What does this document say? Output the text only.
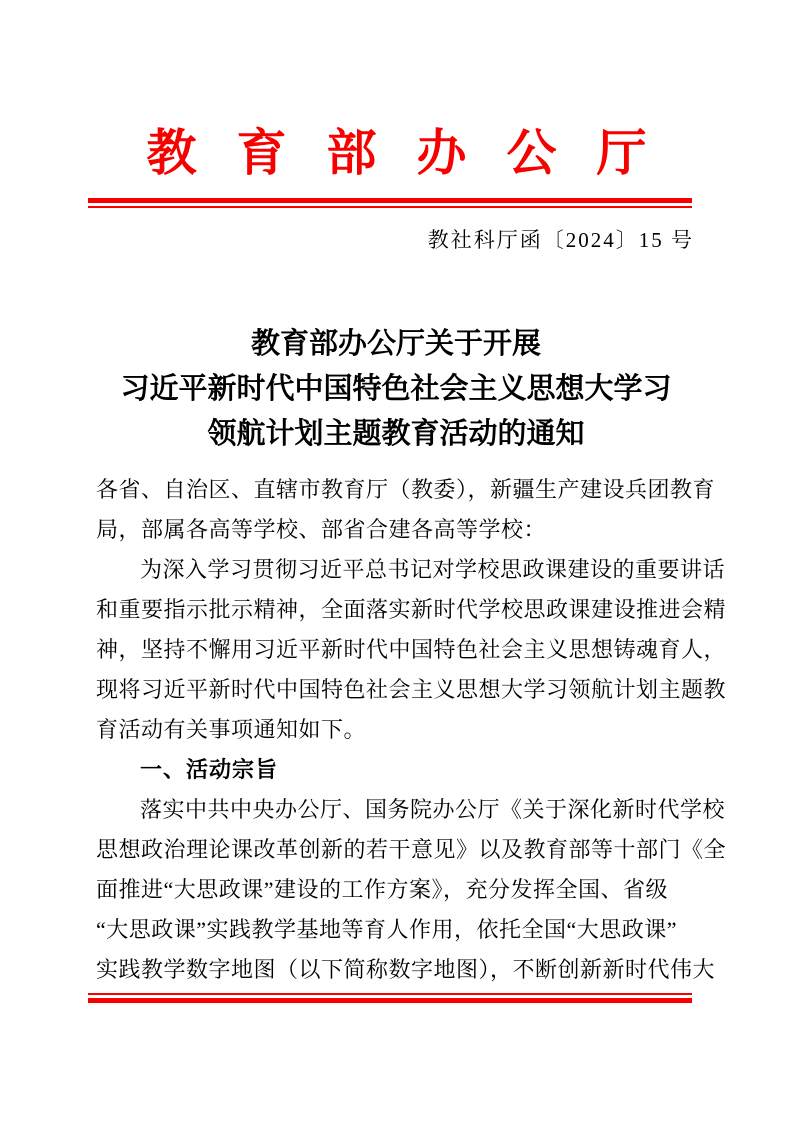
教育部办公厅
教社科厅函〔2024〕15 号
教育部办公厅关于开展
习近平新时代中国特色社会主义思想大学习
领航计划主题教育活动的通知
各省、自治区、直辖市教育厅（教委），新疆生产建设兵团教育
局，部属各高等学校、部省合建各高等学校：
为深入学习贯彻习近平总书记对学校思政课建设的重要讲话
和重要指示批示精神，全面落实新时代学校思政课建设推进会精
神，坚持不懈用习近平新时代中国特色社会主义思想铸魂育人，
现将习近平新时代中国特色社会主义思想大学习领航计划主题教
育活动有关事项通知如下。
一、活动宗旨
落实中共中央办公厅、国务院办公厅《关于深化新时代学校
思想政治理论课改革创新的若干意见》以及教育部等十部门《全
面推进“大思政课”建设的工作方案》，充分发挥全国、省级
“大思政课”实践教学基地等育人作用，依托全国“大思政课”
实践教学数字地图（以下简称数字地图），不断创新新时代伟大
